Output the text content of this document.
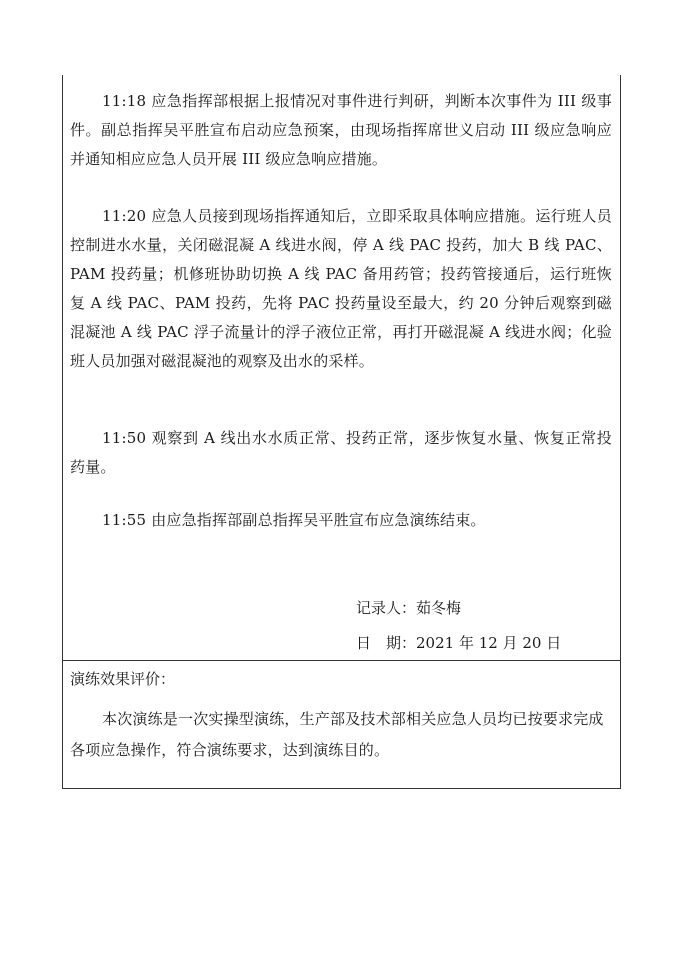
11:18 应急指挥部根据上报情况对事件进行判研，判断本次事件为 III 级事件。副总指挥吴平胜宣布启动应急预案，由现场指挥席世义启动 III 级应急响应并通知相应应急人员开展 III 级应急响应措施。

11:20 应急人员接到现场指挥通知后，立即采取具体响应措施。运行班人员控制进水水量，关闭磁混凝 A 线进水阀，停 A 线 PAC 投药，加大 B 线 PAC、PAM 投药量；机修班协助切换 A 线 PAC 备用药管；投药管接通后，运行班恢复 A 线 PAC、PAM 投药，先将 PAC 投药量设至最大，约 20 分钟后观察到磁混凝池 A 线 PAC 浮子流量计的浮子液位正常，再打开磁混凝 A 线进水阀；化验班人员加强对磁混凝池的观察及出水的采样。

11:50 观察到 A 线出水水质正常、投药正常，逐步恢复水量、恢复正常投药量。

11:55 由应急指挥部副总指挥吴平胜宣布应急演练结束。

记录人：茹冬梅

日　期：2021 年 12 月 20 日

演练效果评价：

本次演练是一次实操型演练，生产部及技术部相关应急人员均已按要求完成各项应急操作，符合演练要求，达到演练目的。
